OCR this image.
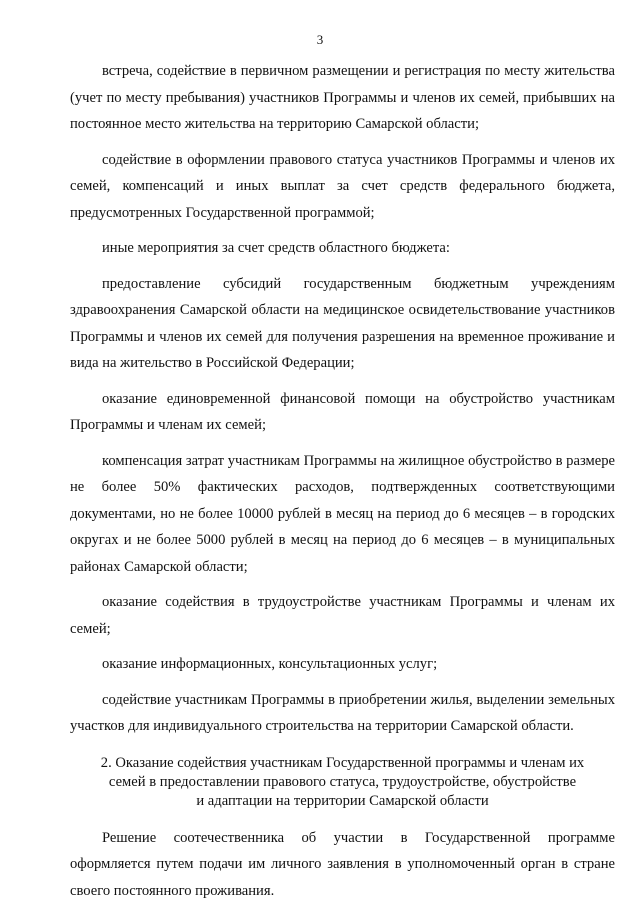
3

встреча, содействие в первичном размещении и регистрация по месту жительства (учет по месту пребывания) участников Программы и членов их семей, прибывших на постоянное место жительства на территорию Самарской области;

содействие в оформлении правового статуса участников Программы и членов их семей, компенсаций и иных выплат за счет средств федерального бюджета, предусмотренных Государственной программой;

иные мероприятия за счет средств областного бюджета:

предоставление субсидий государственным бюджетным учреждениям здравоохранения Самарской области на медицинское освидетельствование участников Программы и членов их семей для получения разрешения на временное проживание и вида на жительство в Российской Федерации;

оказание единовременной финансовой помощи на обустройство участникам Программы и членам их семей;

компенсация затрат участникам Программы на жилищное обустройство в размере не более 50% фактических расходов, подтвержденных соответствующими документами, но не более 10000 рублей в месяц на период до 6 месяцев – в городских округах и не более 5000 рублей в месяц на период до 6 месяцев – в муниципальных районах Самарской области;

оказание содействия в трудоустройстве участникам Программы и членам их семей;

оказание информационных, консультационных услуг;

содействие участникам Программы в приобретении жилья, выделении земельных участков для индивидуального строительства на территории Самарской области.

2. Оказание содействия участникам Государственной программы и членам их
семей в предоставлении правового статуса, трудоустройстве, обустройстве
и адаптации на территории Самарской области

Решение соотечественника об участии в Государственной программе оформляется путем подачи им личного заявления в уполномоченный орган в стране своего постоянного проживания.
